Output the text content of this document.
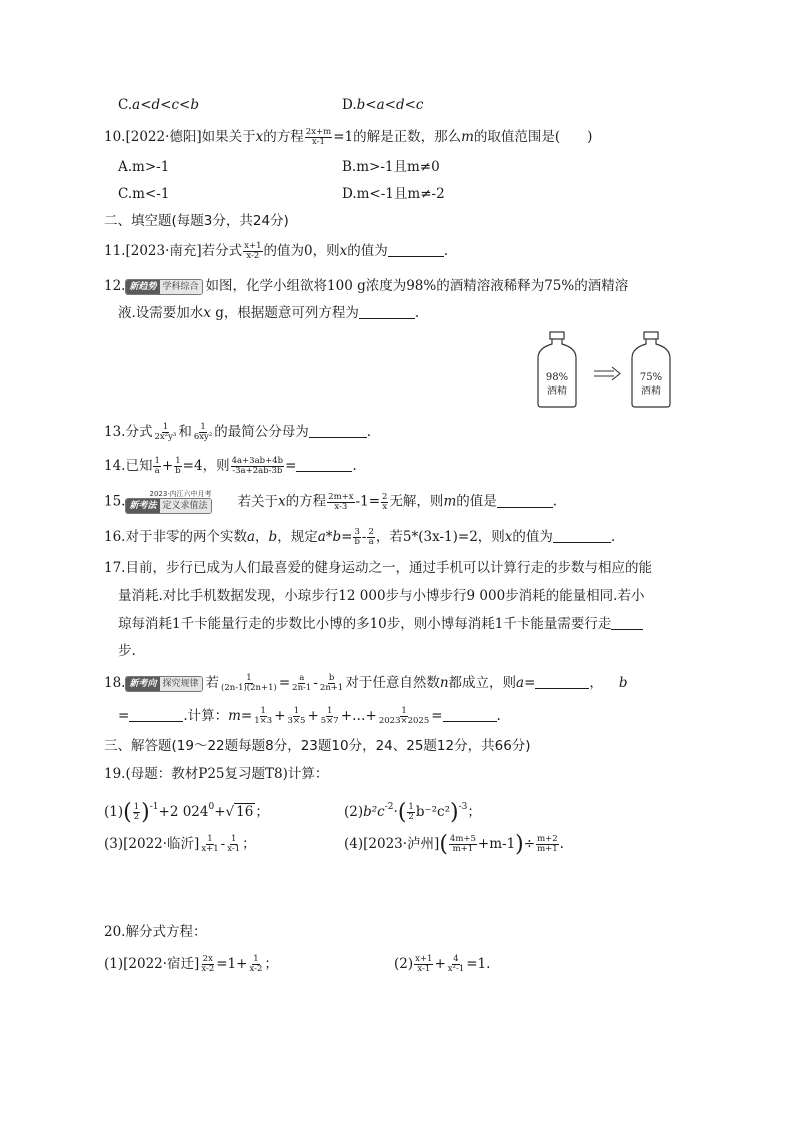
C.a<d<c<b	D.b<a<d<c
10.[2022·德阳]如果关于x的方程 $\frac{2x+m}{x-1} =1$的解是正数，那么m的取值范围是(　　)
A.m>-1	B.m>-1且m≠0
C.m<-1	D.m<-1且m≠-2
二、填空题(每题3分，共24分)
11.[2023·南充]若分式 $\frac{x+1}{x-2}$ 的值为0，则x的值为	.
12. 新趋势 学科综合 如图，化学小组欲将100 g浓度为98%的酒精溶液稀释为75%的酒精溶
液.设需要加水x g，根据题意可列方程为	.
98%
酒精
75%
酒精
13.分式 $\frac{1}{\text{2x²y³}}$ 和 $\frac{1}{\text{6xy²}}$ 的最简公分母为	.
14.已知 $\frac{1}{a} + \frac{1}{b} =4$，则 $\frac{4a+3ab+4b}{-3a+2ab-3b}$ =	.
15.	2023·内江六中月考
新考法 定义求值法 若关于x的方程 $\frac{2m+x}{x-3} -1= \frac{2}{x}$ 无解，则m的值是	.
16.对于非零的两个实数a，b，规定$a*b= \frac{3}{b} - \frac{2}{a}$ ，若5*(3x-1)=2，则x的值为	.
17.目前，步行已成为人们最喜爱的健身运动之一，通过手机可以计算行走的步数与相应的能
量消耗.对比手机数据发现，小琼步行12 000步与小博步行9 000步消耗的能量相同.若小
琼每消耗1千卡能量行走的步数比小博的多10步，则小博每消耗1千卡能量需要行走
步.
18. 新考向 探究规律 若 $\frac{1}{(2n-1)(2n+1)} = \frac{a}{2n-1} - \frac{b}{2n+1}$ 对于任意自然数n都成立，则a=	， b
=	.计算：$m= \frac{1}{1\times 3} + \frac{1}{3\times 5} + \frac{1}{5\times 7}$ +…+ $\frac{1}{2023\times 2025}$ =	.
三、解答题(19～22题每题8分，23题10分，24、25题12分，共66分)
19.(母题：教材P25复习题T8)计算：
$(1)( \frac{1}{2} )^{-1}+2$ $024^0+√$ 16 ；	$(2)b^2c^{-2}\cdot( \frac{1}{2} b^{-2}c^2)^{-3}$；
(3)[2022·临沂] $\frac{1}{x+1} - \frac{1}{x-1}$ ；	(4)[2023·泸州]( $\frac{4m+5}{m+1} +m-1)\div \frac{m+2}{m+1}$ .
20.解分式方程：
(1)[2022·宿迁] $\frac{2x}{x-2} =1+ \frac{1}{x-2}$ ；	$(2) \frac{x+1}{x-1} + \frac{4}{\text{x²-1}} =1$.
